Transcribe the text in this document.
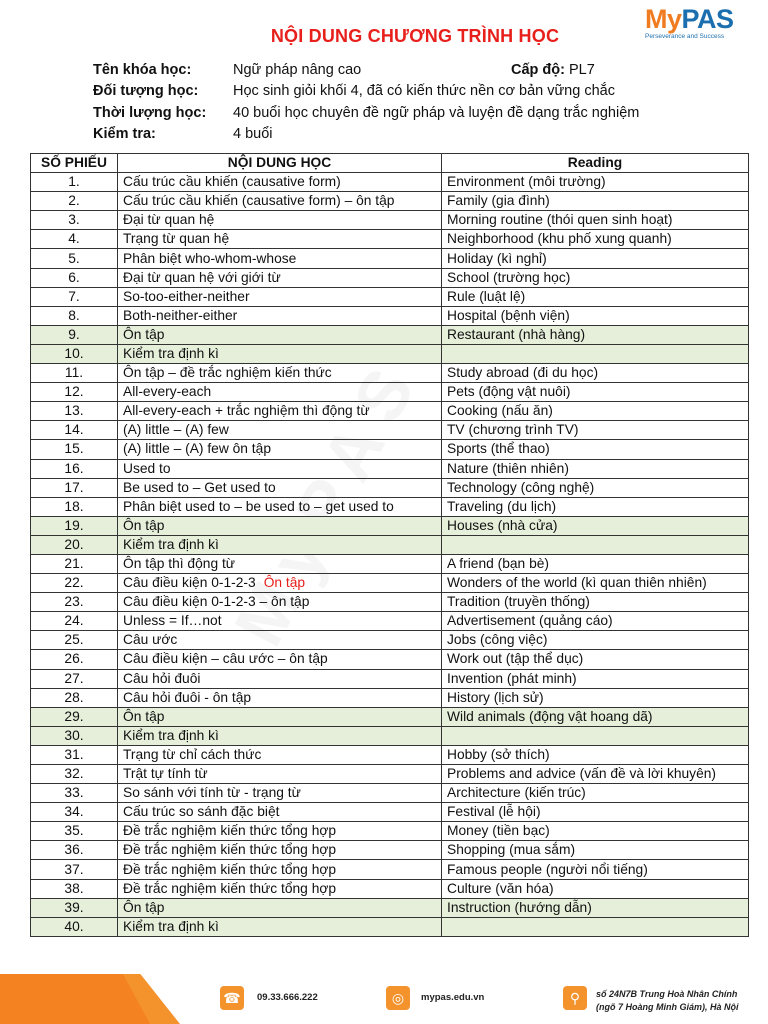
MyPAS
Perseverance and Success
NỘI DUNG CHƯƠNG TRÌNH HỌC
Tên khóa học:	Ngữ pháp nâng cao	Cấp độ: PL7
Đối tượng học: Học sinh giỏi khối 4, đã có kiến thức nền cơ bản vững chắc
Thời lượng học: 40 buổi học chuyên đề ngữ pháp và luyện đề dạng trắc nghiệm
Kiểm tra:	4 buổi
SỐ PHIẾU	NỘI DUNG HỌC	Reading
1.	Cấu trúc cầu khiến (causative form)	Environment (môi trường)
2.	Cấu trúc cầu khiến (causative form) – ôn tập	Family (gia đình)
3.	Đại từ quan hệ	Morning routine (thói quen sinh hoạt)
4.	Trạng từ quan hệ	Neighborhood (khu phố xung quanh)
5.	Phân biệt who-whom-whose	Holiday (kì nghỉ)
6.	Đại từ quan hệ với giới từ	School (trường học)
7.	So-too-either-neither	Rule (luật lệ)
8.	Both-neither-either	Hospital (bệnh viện)
9.	Ôn tập	Restaurant (nhà hàng)
10.	Kiểm tra định kì	
11.	Ôn tập – đề trắc nghiệm kiến thức	Study abroad (đi du học)
12.	All-every-each	Pets (động vật nuôi)
13.	All-every-each + trắc nghiệm thì động từ	Cooking (nấu ăn)
14.	(A) little – (A) few	TV (chương trình TV)
15.	(A) little – (A) few ôn tập	Sports (thể thao)
16.	Used to	Nature (thiên nhiên)
17.	Be used to – Get used to	Technology (công nghệ)
18.	Phân biệt used to – be used to – get used to	Traveling (du lịch)
19.	Ôn tập	Houses (nhà cửa)
20.	Kiểm tra định kì	
21.	Ôn tập thì động từ	A friend (bạn bè)
22.	Câu điều kiện 0-1-2-3 Ôn tập	Wonders of the world (kì quan thiên nhiên)
23.	Câu điều kiện 0-1-2-3 – ôn tập	Tradition (truyền thống)
24.	Unless = If…not	Advertisement (quảng cáo)
25.	Câu ước	Jobs (công việc)
26.	Câu điều kiện – câu ước – ôn tập	Work out (tập thể dục)
27.	Câu hỏi đuôi	Invention (phát minh)
28.	Câu hỏi đuôi - ôn tập	History (lịch sử)
29.	Ôn tập	Wild animals (động vật hoang dã)
30.	Kiểm tra định kì	
31.	Trạng từ chỉ cách thức	Hobby (sở thích)
32.	Trật tự tính từ	Problems and advice (vấn đề và lời khuyên)
33.	So sánh với tính từ - trạng từ	Architecture (kiến trúc)
34.	Cấu trúc so sánh đặc biệt	Festival (lễ hội)
35.	Đề trắc nghiệm kiến thức tổng hợp	Money (tiền bạc)
36.	Đề trắc nghiệm kiến thức tổng hợp	Shopping (mua sắm)
37.	Đề trắc nghiệm kiến thức tổng hợp	Famous people (người nổi tiếng)
38.	Đề trắc nghiệm kiến thức tổng hợp	Culture (văn hóa)
39.	Ôn tập	Instruction (hướng dẫn)
40.	Kiểm tra định kì	
☎	09.33.666.222	◎	mypas.edu.vn	⚲	số 24N7B Trung Hoà Nhân Chính
(ngõ 7 Hoàng Minh Giám), Hà Nội
